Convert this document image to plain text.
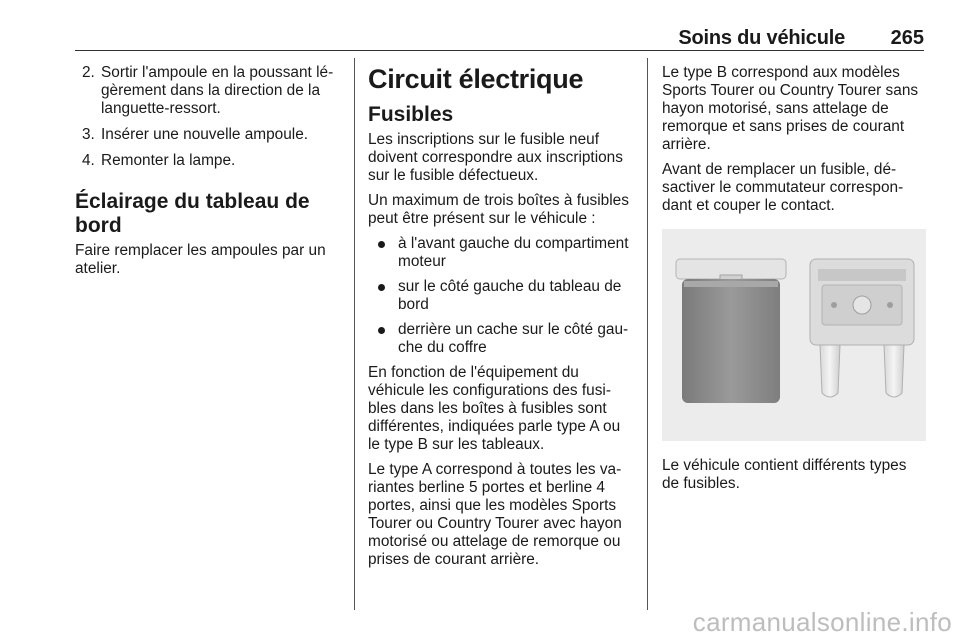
Soins du véhicule 265
2. Sortir l'ampoule en la poussant légèrement dans la direction de la languette-ressort.
3. Insérer une nouvelle ampoule.
4. Remonter la lampe.
Éclairage du tableau de bord

Faire remplacer les ampoules par un atelier.

Circuit électrique
Fusibles

Les inscriptions sur le fusible neuf doivent correspondre aux inscriptions sur le fusible défectueux.

Un maximum de trois boîtes à fusibles peut être présent sur le véhicule :

à l'avant gauche du compartiment moteur
sur le côté gauche du tableau de bord
derrière un cache sur le côté gauche du coffre

En fonction de l'équipement du véhicule les configurations des fusibles dans les boîtes à fusibles sont différentes, indiquées parle type A ou le type B sur les tableaux.

Le type A correspond à toutes les variantes berline 5 portes et berline 4 portes, ainsi que les modèles Sports Tourer ou Country Tourer avec hayon motorisé ou attelage de remorque ou prises de courant arrière.

Le type B correspond aux modèles Sports Tourer ou Country Tourer sans hayon motorisé, sans attelage de remorque et sans prises de courant arrière.

Avant de remplacer un fusible, désactiver le commutateur correspondant et couper le contact.

Le véhicule contient différents types de fusibles.

carmanualsonline.info
